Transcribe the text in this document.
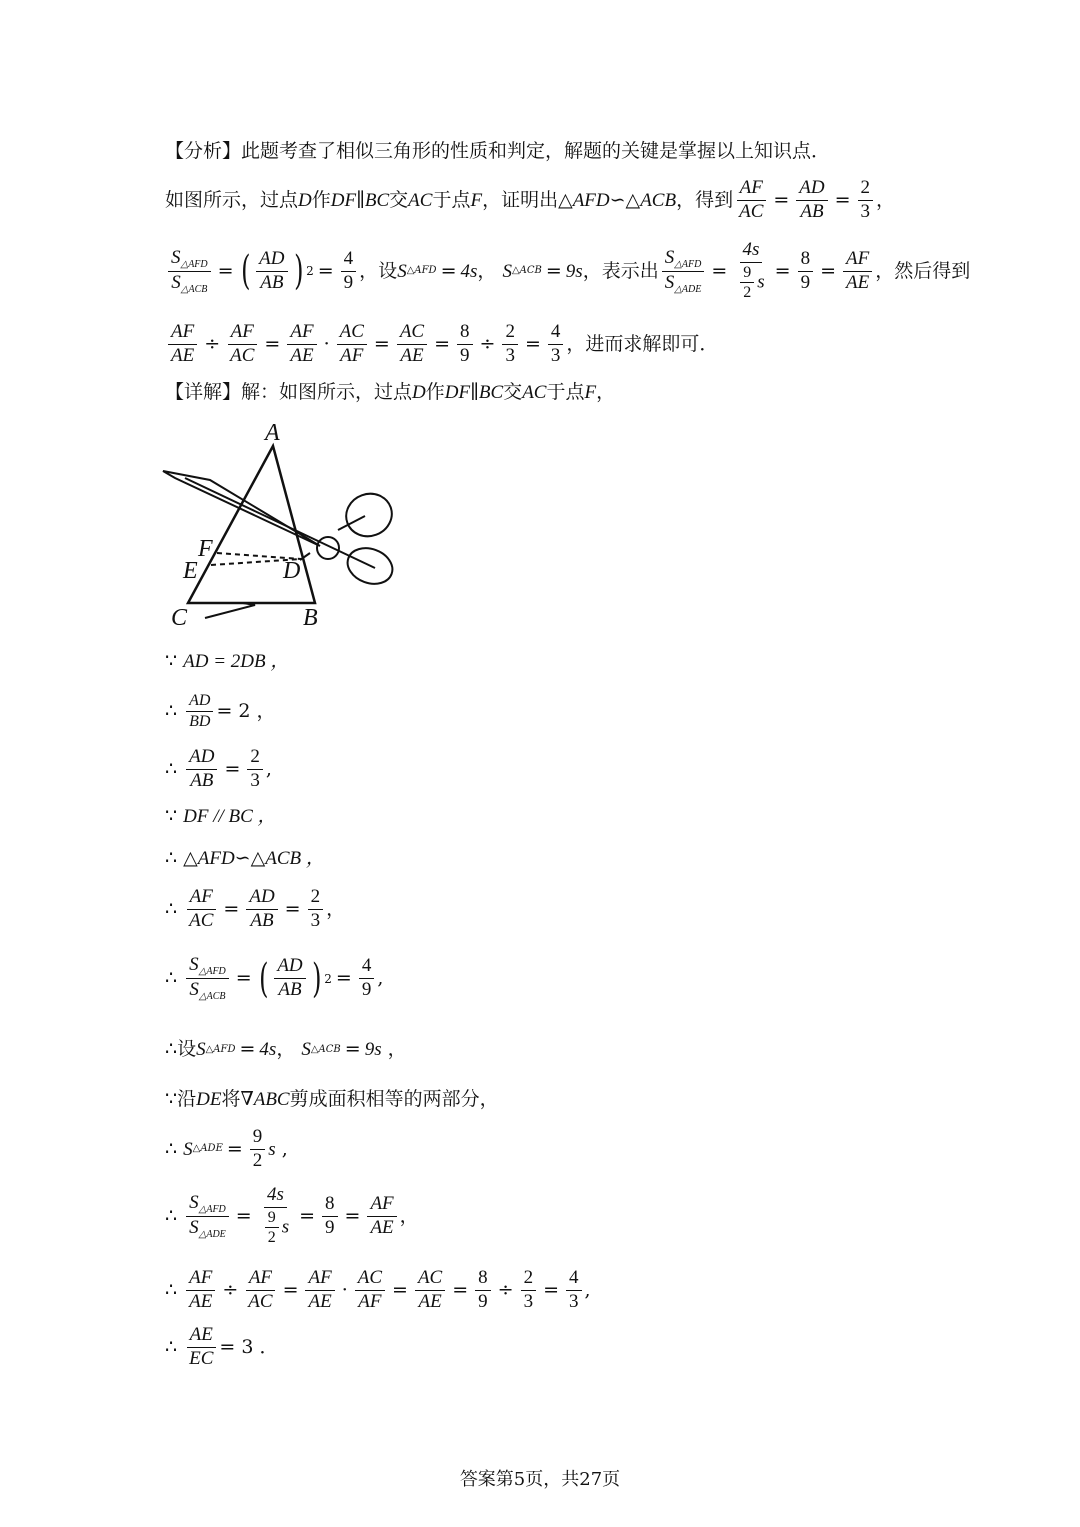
【分析】 此题考查了相似三角形的性质和判定，解题的关键是掌握以上知识点．
如图所示，过点 D 作 DF ∥ BC 交 AC 于点 F ，证明出△ AFD ∽△ ACB ，得到 $\frac{AF}{AC} = \frac{AD}{AB} = \frac{2}{3}$ ，
$S_{\triangle AFD}$
$S_{\triangle ACB}$
= ( AD
AB ) $2 = \frac{4}{9}$ ，设 S △AFD = 4s ， S △ACB = 9s ，表示出
$S_{\triangle AFD}$
$S_{\triangle ADE}$
= $\frac{4s}{\frac{9}{2} s} = \frac{8}{9} = \frac{AF}{AE}$ ，然后得到
$\frac{AF}{AE} \div \frac{AF}{AC} = \frac{AF}{AE} \cdot \frac{AC}{AF} = \frac{AC}{AE} = \frac{8}{9} \div \frac{2}{3} = \frac{4}{3}$ ，进而求解即可．
【详解】 解：如图所示，过点 D 作 DF ∥ BC 交 AC 于点 F ，
A
F
E	D
C	B
∵
AD = 2DB ，
∴
$\frac{AD}{BD} = 2$ ，
∴
$\frac{AD}{AB} = \frac{2}{3}$ ,
∵
DF // BC ，
∴
△AFD∽△ACB ，
∴
$\frac{AF}{AC} = \frac{AD}{AB} = \frac{2}{3}$ ，
∴

$S_{\triangle AFD}$
$S_{\triangle ACB}$
= ( AD
AB ) $2 = \frac{4}{9}$ ,
∴ 设 S △AFD = 4s ， S △ACB = 9s ，
∵ 沿 DE 将∇ ABC 剪成面积相等的两部分，
∴
S △ADE = $\frac{9}{2}$ s ,
∴

$S_{\triangle AFD}$
$S_{\triangle ADE}$
= $\frac{4s}{\frac{9}{2} s} = \frac{8}{9} = \frac{AF}{AE}$ ，
∴
$\frac{AF}{AE} \div \frac{AF}{AC} = \frac{AF}{AE} \cdot \frac{AC}{AF} = \frac{AC}{AE} = \frac{8}{9} \div \frac{2}{3} = \frac{4}{3}$ ,
∴
$\frac{AE}{EC} = 3$ ．
答案第5页，共27页
